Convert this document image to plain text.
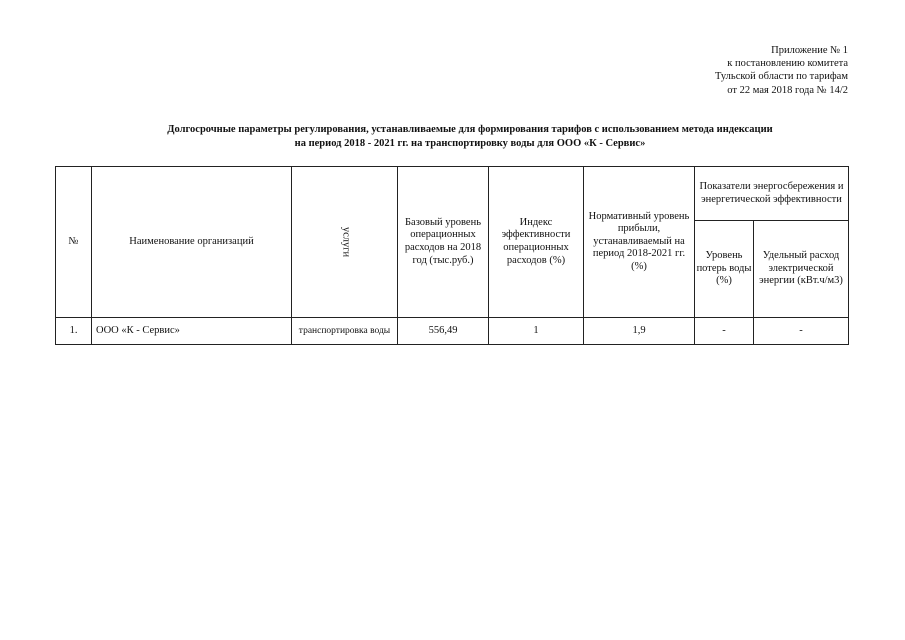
Приложение № 1
к постановлению комитета
Тульской области по тарифам
от 22 мая 2018 года № 14/2
Долгосрочные параметры регулирования, устанавливаемые для формирования тарифов с использованием метода индексации
на период 2018 - 2021 гг. на транспортировку воды для ООО «К - Сервис»
№	Наименование организаций	услуги	Базовый уровень операционных расходов на 2018 год (тыс.руб.)	Индекс эффективности операционных расходов (%)	Нормативный уровень прибыли, устанавливаемый на период 2018-2021 гг. (%)	Показатели энергосбережения и энергетической эффективности	
						Уровень потерь воды (%)	Удельный расход электрической энергии (кВт.ч/м3)
1.	ООО «К - Сервис»	транспортировка воды	556,49	1	1,9	-	-
